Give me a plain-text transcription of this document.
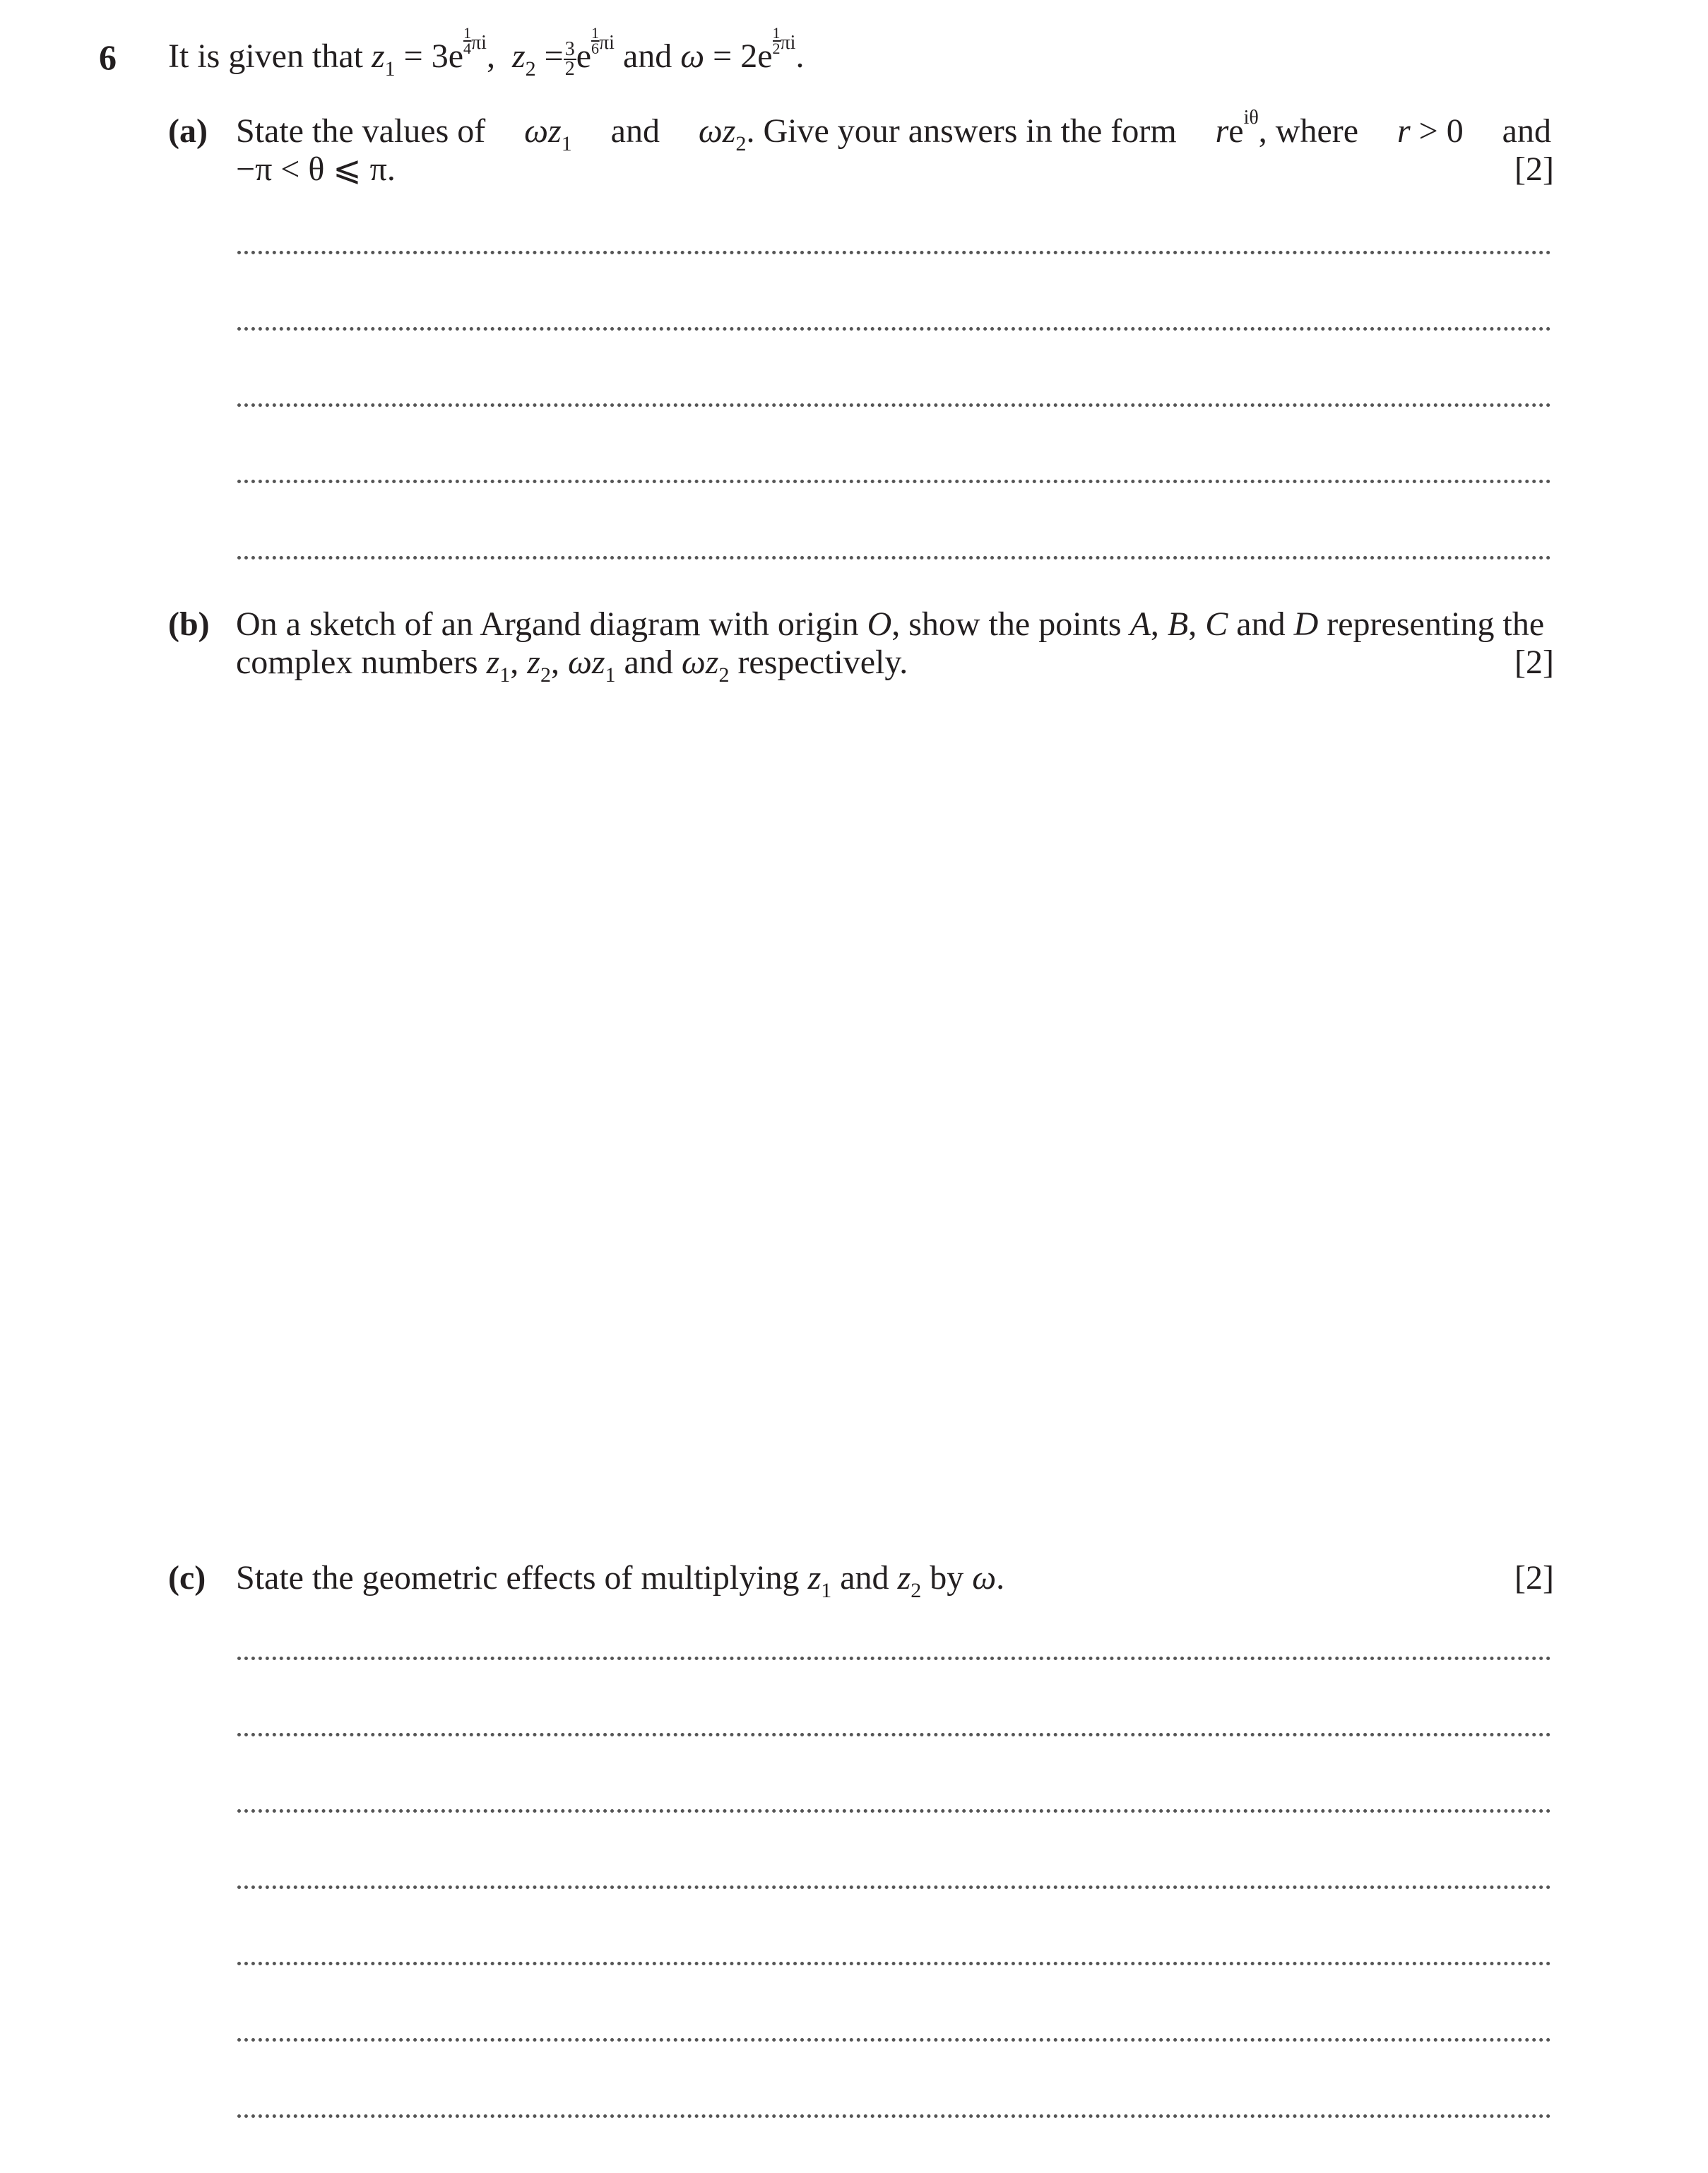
6 It is given that $z_1 = 3e \frac{1}{4} ^{\pi i}$, $z_2 = \frac{3}{2}$ e $\frac{1}{6} ^{\pi i}$ and $\omega = 2e \frac{1}{2} ^{\pi i}$.
(a) State the values of $\omega z_1$ and $\omega z_2$. Give your answers in the form $re^{i\theta}$, where r > 0 and
−π < θ ⩽ π.	[2]
(b) On a sketch of an Argand diagram with origin O, show the points A, B, C and D representing the
complex numbers $z_1$, $z_2$, $\omega z_1$ and $\omega z_2$ respectively.	[2]
(c) State the geometric effects of multiplying $z_1$ and $z_2$ by ω.	[2]
